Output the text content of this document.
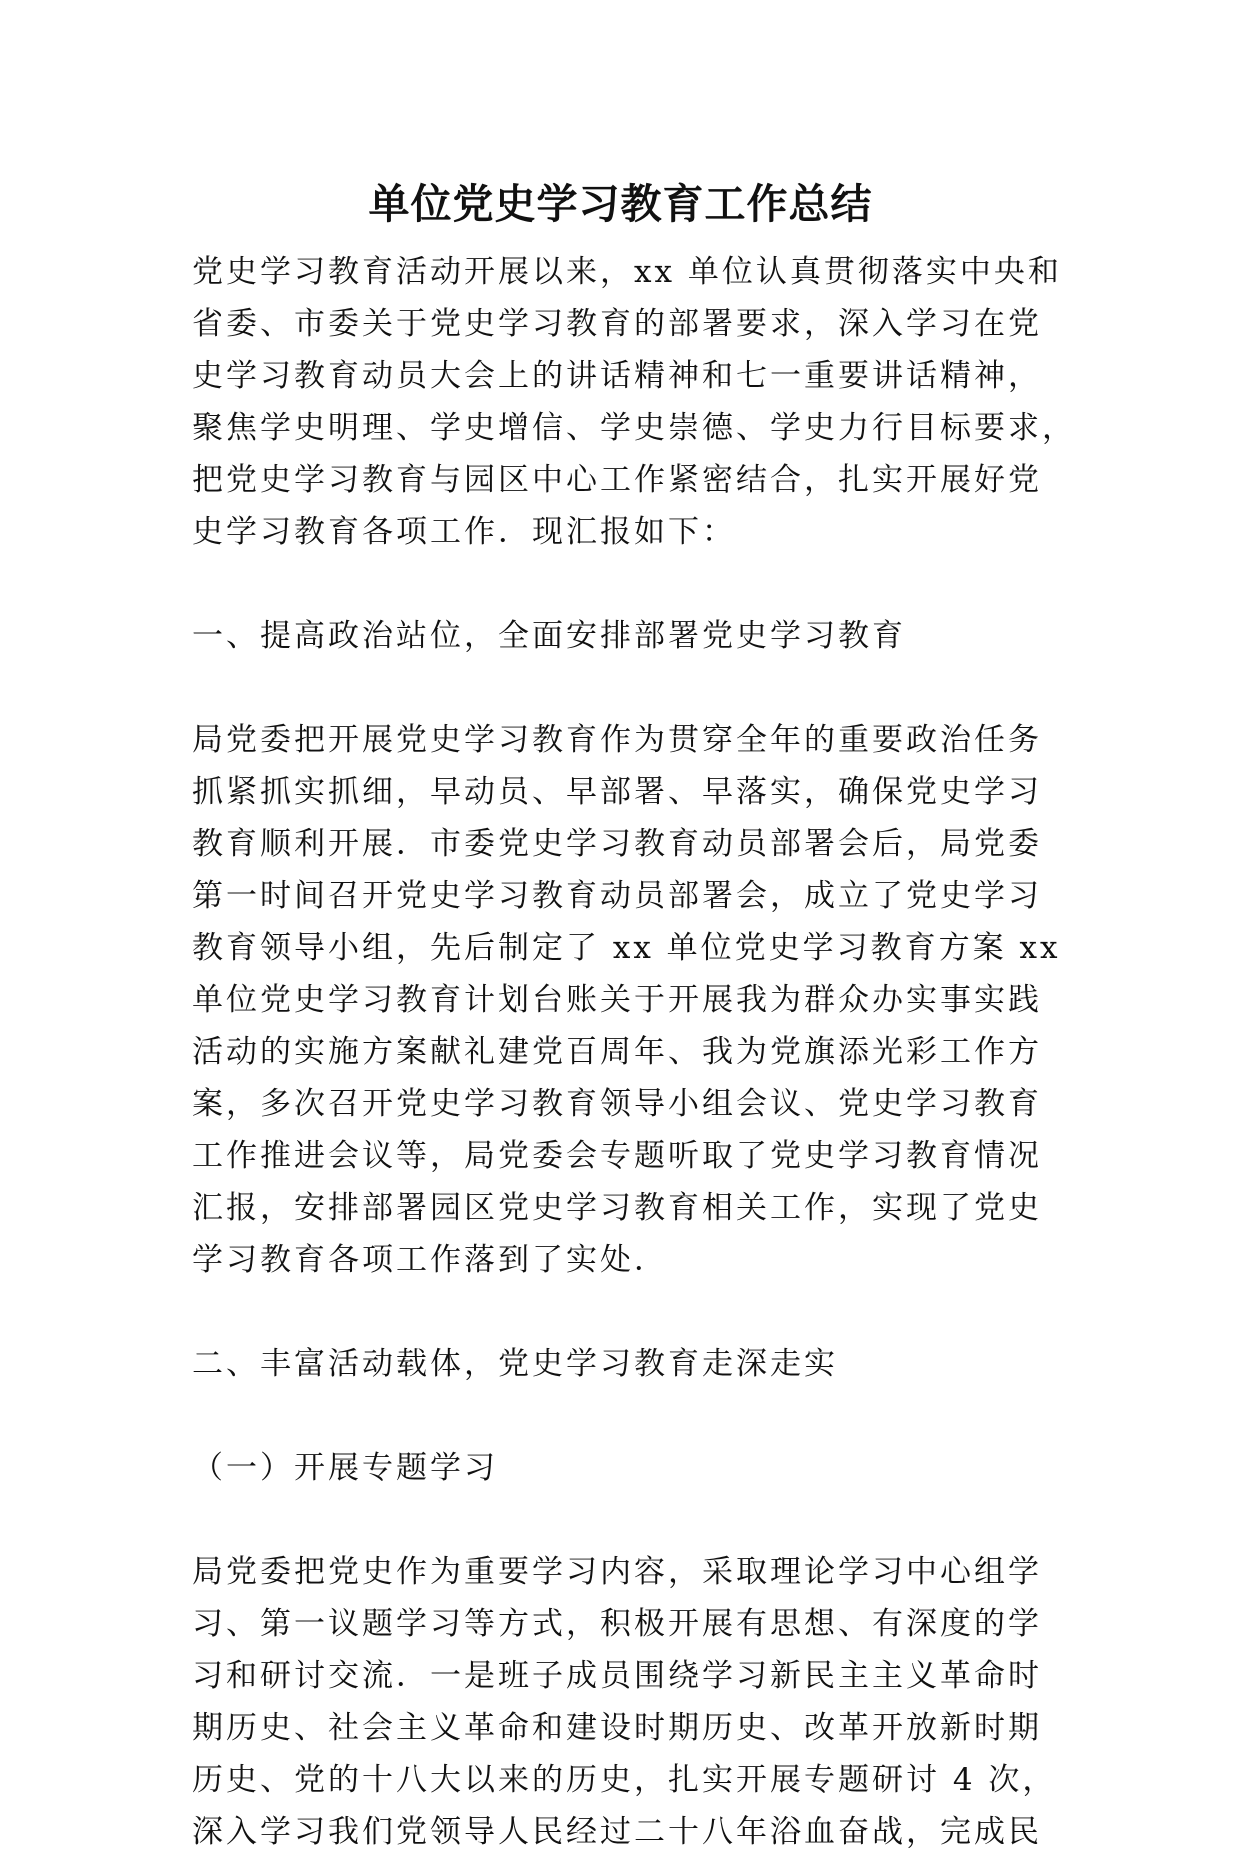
单位党史学习教育工作总结
党史学习教育活动开展以来，xx 单位认真贯彻落实中央和
省委、市委关于党史学习教育的部署要求，深入学习在党
史学习教育动员大会上的讲话精神和七一重要讲话精神，
聚焦学史明理、学史增信、学史崇德、学史力行目标要求，
把党史学习教育与园区中心工作紧密结合，扎实开展好党
史学习教育各项工作．现汇报如下：
一、提高政治站位，全面安排部署党史学习教育
局党委把开展党史学习教育作为贯穿全年的重要政治任务
抓紧抓实抓细，早动员、早部署、早落实，确保党史学习
教育顺利开展．市委党史学习教育动员部署会后，局党委
第一时间召开党史学习教育动员部署会，成立了党史学习
教育领导小组，先后制定了 xx 单位党史学习教育方案 xx
单位党史学习教育计划台账关于开展我为群众办实事实践
活动的实施方案献礼建党百周年、我为党旗添光彩工作方
案，多次召开党史学习教育领导小组会议、党史学习教育
工作推进会议等，局党委会专题听取了党史学习教育情况
汇报，安排部署园区党史学习教育相关工作，实现了党史
学习教育各项工作落到了实处．
二、丰富活动载体，党史学习教育走深走实
（一）开展专题学习
局党委把党史作为重要学习内容，采取理论学习中心组学
习、第一议题学习等方式，积极开展有思想、有深度的学
习和研讨交流．一是班子成员围绕学习新民主主义革命时
期历史、社会主义革命和建设时期历史、改革开放新时期
历史、党的十八大以来的历史，扎实开展专题研讨 4 次，
深入学习我们党领导人民经过二十八年浴血奋战，完成民
